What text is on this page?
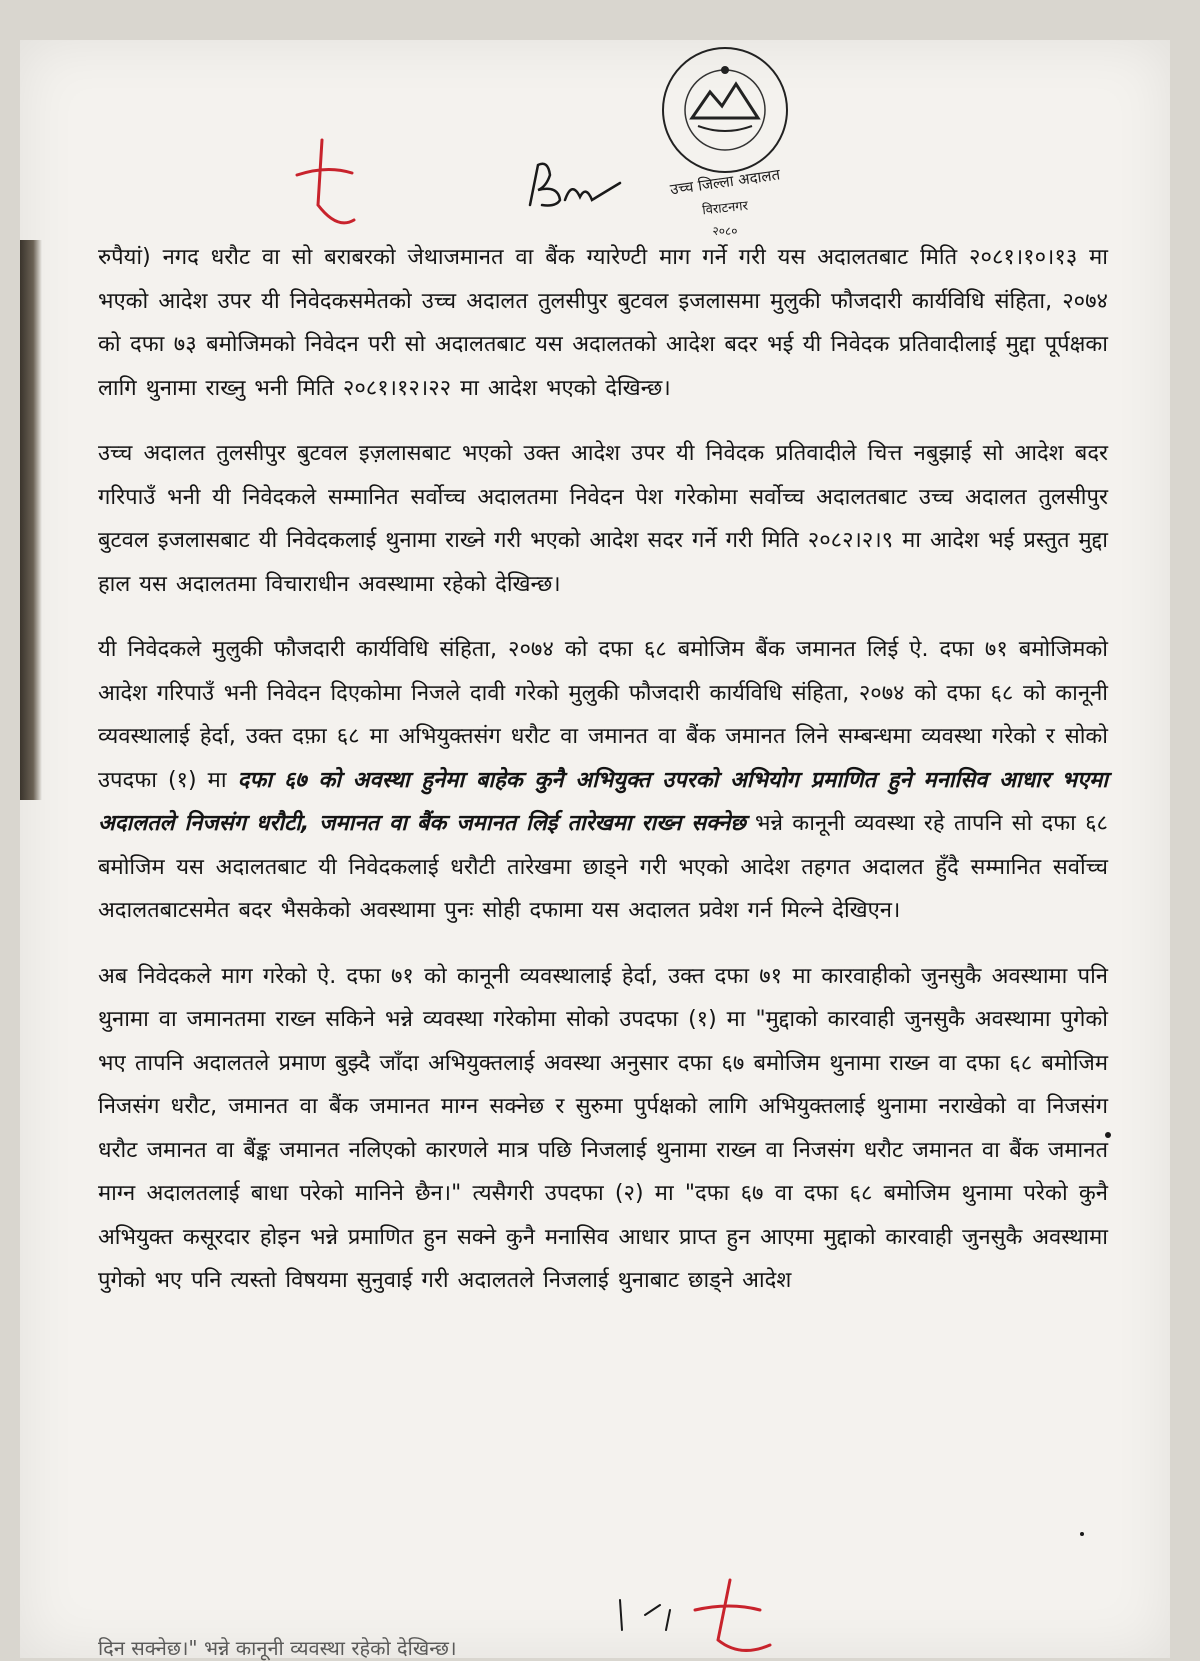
उच्च जिल्ला अदालत
विराटनगर
२०८०

रुपैयां) नगद धरौट वा सो बराबरको जेथाजमानत वा बैंक ग्यारेण्टी माग गर्ने गरी यस अदालतबाट मिति २०८१।१०।१३ मा भएको आदेश उपर यी निवेदकसमेतको उच्च अदालत तुलसीपुर बुटवल इजलासमा मुलुकी फौजदारी कार्यविधि संहिता, २०७४ को दफा ७३ बमोजिमको निवेदन परी सो अदालतबाट यस अदालतको आदेश बदर भई यी निवेदक प्रतिवादीलाई मुद्दा पूर्पक्षका लागि थुनामा राख्नु भनी मिति २०८१।१२।२२ मा आदेश भएको देखिन्छ।

उच्च अदालत तुलसीपुर बुटवल इज़लासबाट भएको उक्त आदेश उपर यी निवेदक प्रतिवादीले चित्त नबुझाई सो आदेश बदर गरिपाउँ भनी यी निवेदकले सम्मानित सर्वोच्च अदालतमा निवेदन पेश गरेकोमा सर्वोच्च अदालतबाट उच्च अदालत तुलसीपुर बुटवल इजलासबाट यी निवेदकलाई थुनामा राख्ने गरी भएको आदेश सदर गर्ने गरी मिति २०८२।२।९ मा आदेश भई प्रस्तुत मुद्दा हाल यस अदालतमा विचाराधीन अवस्थामा रहेको देखिन्छ।

यी निवेदकले मुलुकी फौजदारी कार्यविधि संहिता, २०७४ को दफा ६८ बमोजिम बैंक जमानत लिई ऐ. दफा ७१ बमोजिमको आदेश गरिपाउँ भनी निवेदन दिएकोमा निजले दावी गरेको मुलुकी फौजदारी कार्यविधि संहिता, २०७४ को दफा ६८ को कानूनी व्यवस्थालाई हेर्दा, उक्त दफ़ा ६८ मा अभियुक्तसंग धरौट वा जमानत वा बैंक जमानत लिने सम्बन्धमा व्यवस्था गरेको र सोको उपदफा (१) मा दफा ६७ को अवस्था हुनेमा बाहेक कुनै अभियुक्त उपरको अभियोग प्रमाणित हुने मनासिव आधार भएमा अदालतले निजसंग धरौटी, जमानत वा बैंक जमानत लिई तारेखमा राख्न सक्नेछ भन्ने कानूनी व्यवस्था रहे तापनि सो दफा ६८ बमोजिम यस अदालतबाट यी निवेदकलाई धरौटी तारेखमा छाड्ने गरी भएको आदेश तहगत अदालत हुँदै सम्मानित सर्वोच्च अदालतबाटसमेत बदर भैसकेको अवस्थामा पुनः सोही दफामा यस अदालत प्रवेश गर्न मिल्ने देखिएन।

अब निवेदकले माग गरेको ऐ. दफा ७१ को कानूनी व्यवस्थालाई हेर्दा, उक्त दफा ७१ मा कारवाहीको जुनसुकै अवस्थामा पनि थुनामा वा जमानतमा राख्न सकिने भन्ने व्यवस्था गरेकोमा सोको उपदफा (१) मा "मुद्दाको कारवाही जुनसुकै अवस्थामा पुगेको भए तापनि अदालतले प्रमाण बुझ्दै जाँदा अभियुक्तलाई अवस्था अनुसार दफा ६७ बमोजिम थुनामा राख्न वा दफा ६८ बमोजिम निजसंग धरौट, जमानत वा बैंक जमानत माग्न सक्नेछ र सुरुमा पुर्पक्षको लागि अभियुक्तलाई थुनामा नराखेको वा निजसंग धरौट जमानत वा बैंङ्क जमानत नलिएको कारणले मात्र पछि निजलाई थुनामा राख्न वा निजसंग धरौट जमानत वा बैंक जमानत माग्न अदालतलाई बाधा परेको मानिने छैन।" त्यसैगरी उपदफा (२) मा "दफा ६७ वा दफा ६८ बमोजिम थुनामा परेको कुनै अभियुक्त कसूरदार होइन भन्ने प्रमाणित हुन सक्ने कुनै मनासिव आधार प्राप्त हुन आएमा मुद्दाको कारवाही जुनसुकै अवस्थामा पुगेको भए पनि त्यस्तो विषयमा सुनुवाई गरी अदालतले निजलाई थुनाबाट छाड्ने आदेश

दिन सक्नेछ।" भन्ने कानूनी व्यवस्था रहेको देखिन्छ।
